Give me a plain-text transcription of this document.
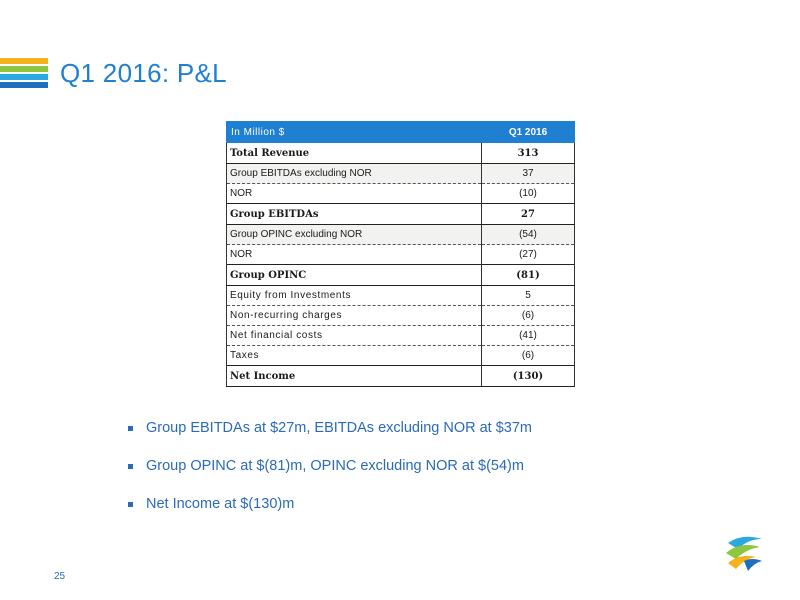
Q1 2016: P&L
In Million $	Q1 2016
Total Revenue	313
Group EBITDAs excluding NOR	37
NOR	(10)
Group EBITDAs	27
Group OPINC excluding NOR	(54)
NOR	(27)
Group OPINC	(81)
Equity from Investments	5
Non-recurring charges	(6)
Net financial costs	(41)
Taxes	(6)
Net Income	(130)
Group EBITDAs at $27m, EBITDAs excluding NOR at $37m
Group OPINC at $(81)m, OPINC excluding NOR at $(54)m
Net Income at $(130)m
25
